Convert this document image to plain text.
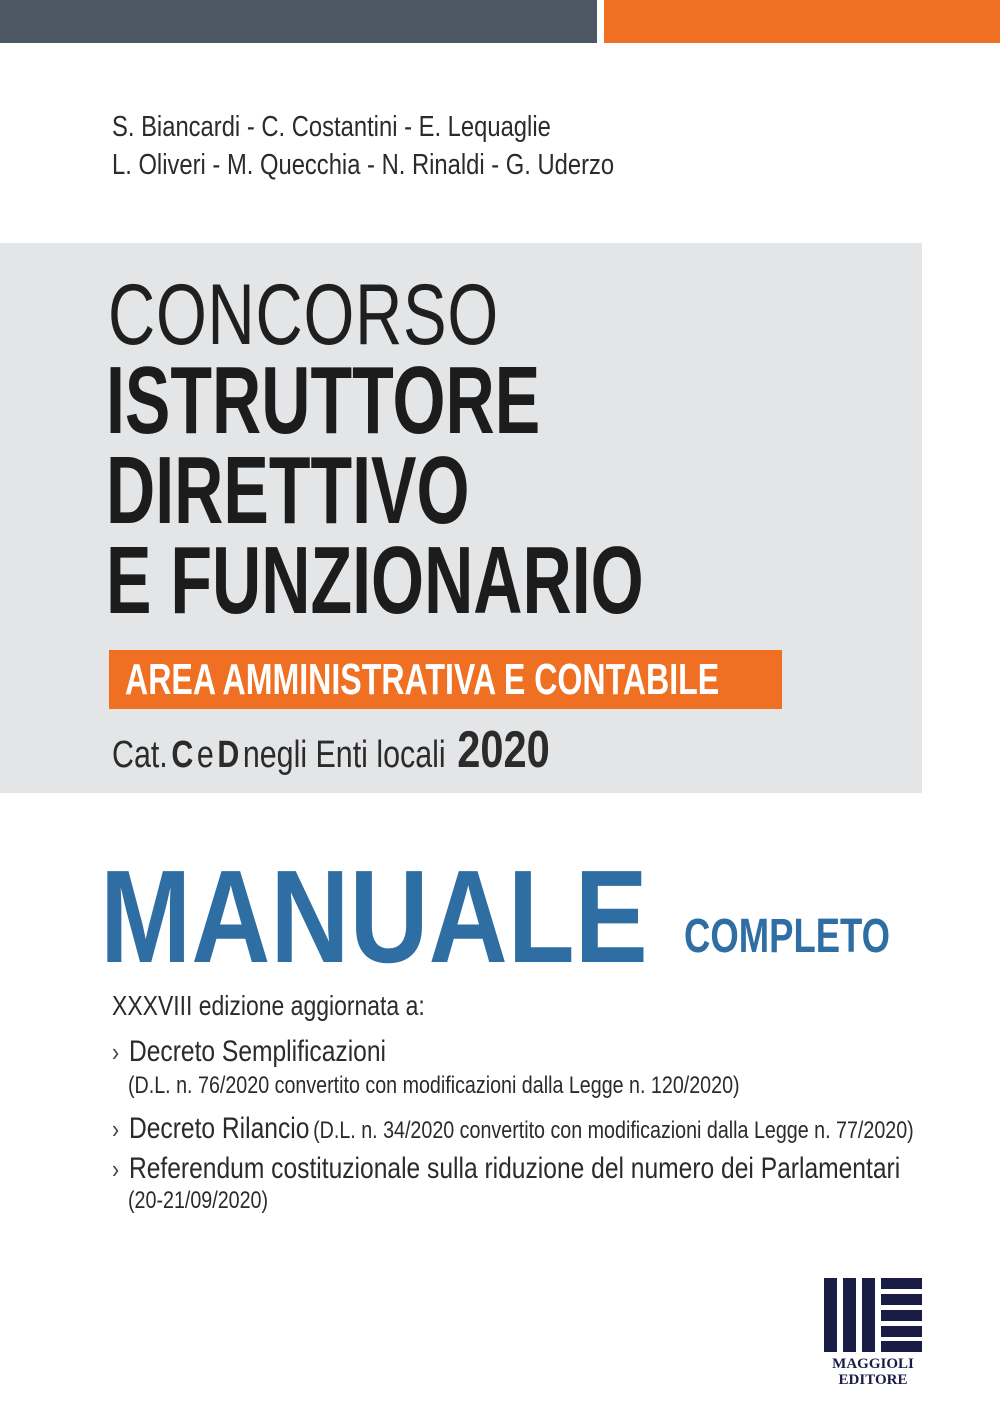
S. Biancardi - C. Costantini - E. Lequaglie
L. Oliveri - M. Quecchia - N. Rinaldi - G. Uderzo
CONCORSO
ISTRUTTORE
DIRETTIVO
E FUNZIONARIO
AREA AMMINISTRATIVA E CONTABILE
Cat. C e D negli Enti locali 2020
MANUALE COMPLETO
XXXVIII edizione aggiornata a:
› Decreto Semplificazioni
(D.L. n. 76/2020 convertito con modificazioni dalla Legge n. 120/2020)
› Decreto Rilancio (D.L. n. 34/2020 convertito con modificazioni dalla Legge n. 77/2020)
› Referendum costituzionale sulla riduzione del numero dei Parlamentari
(20-21/09/2020)
MAGGIOLI
EDITORE
